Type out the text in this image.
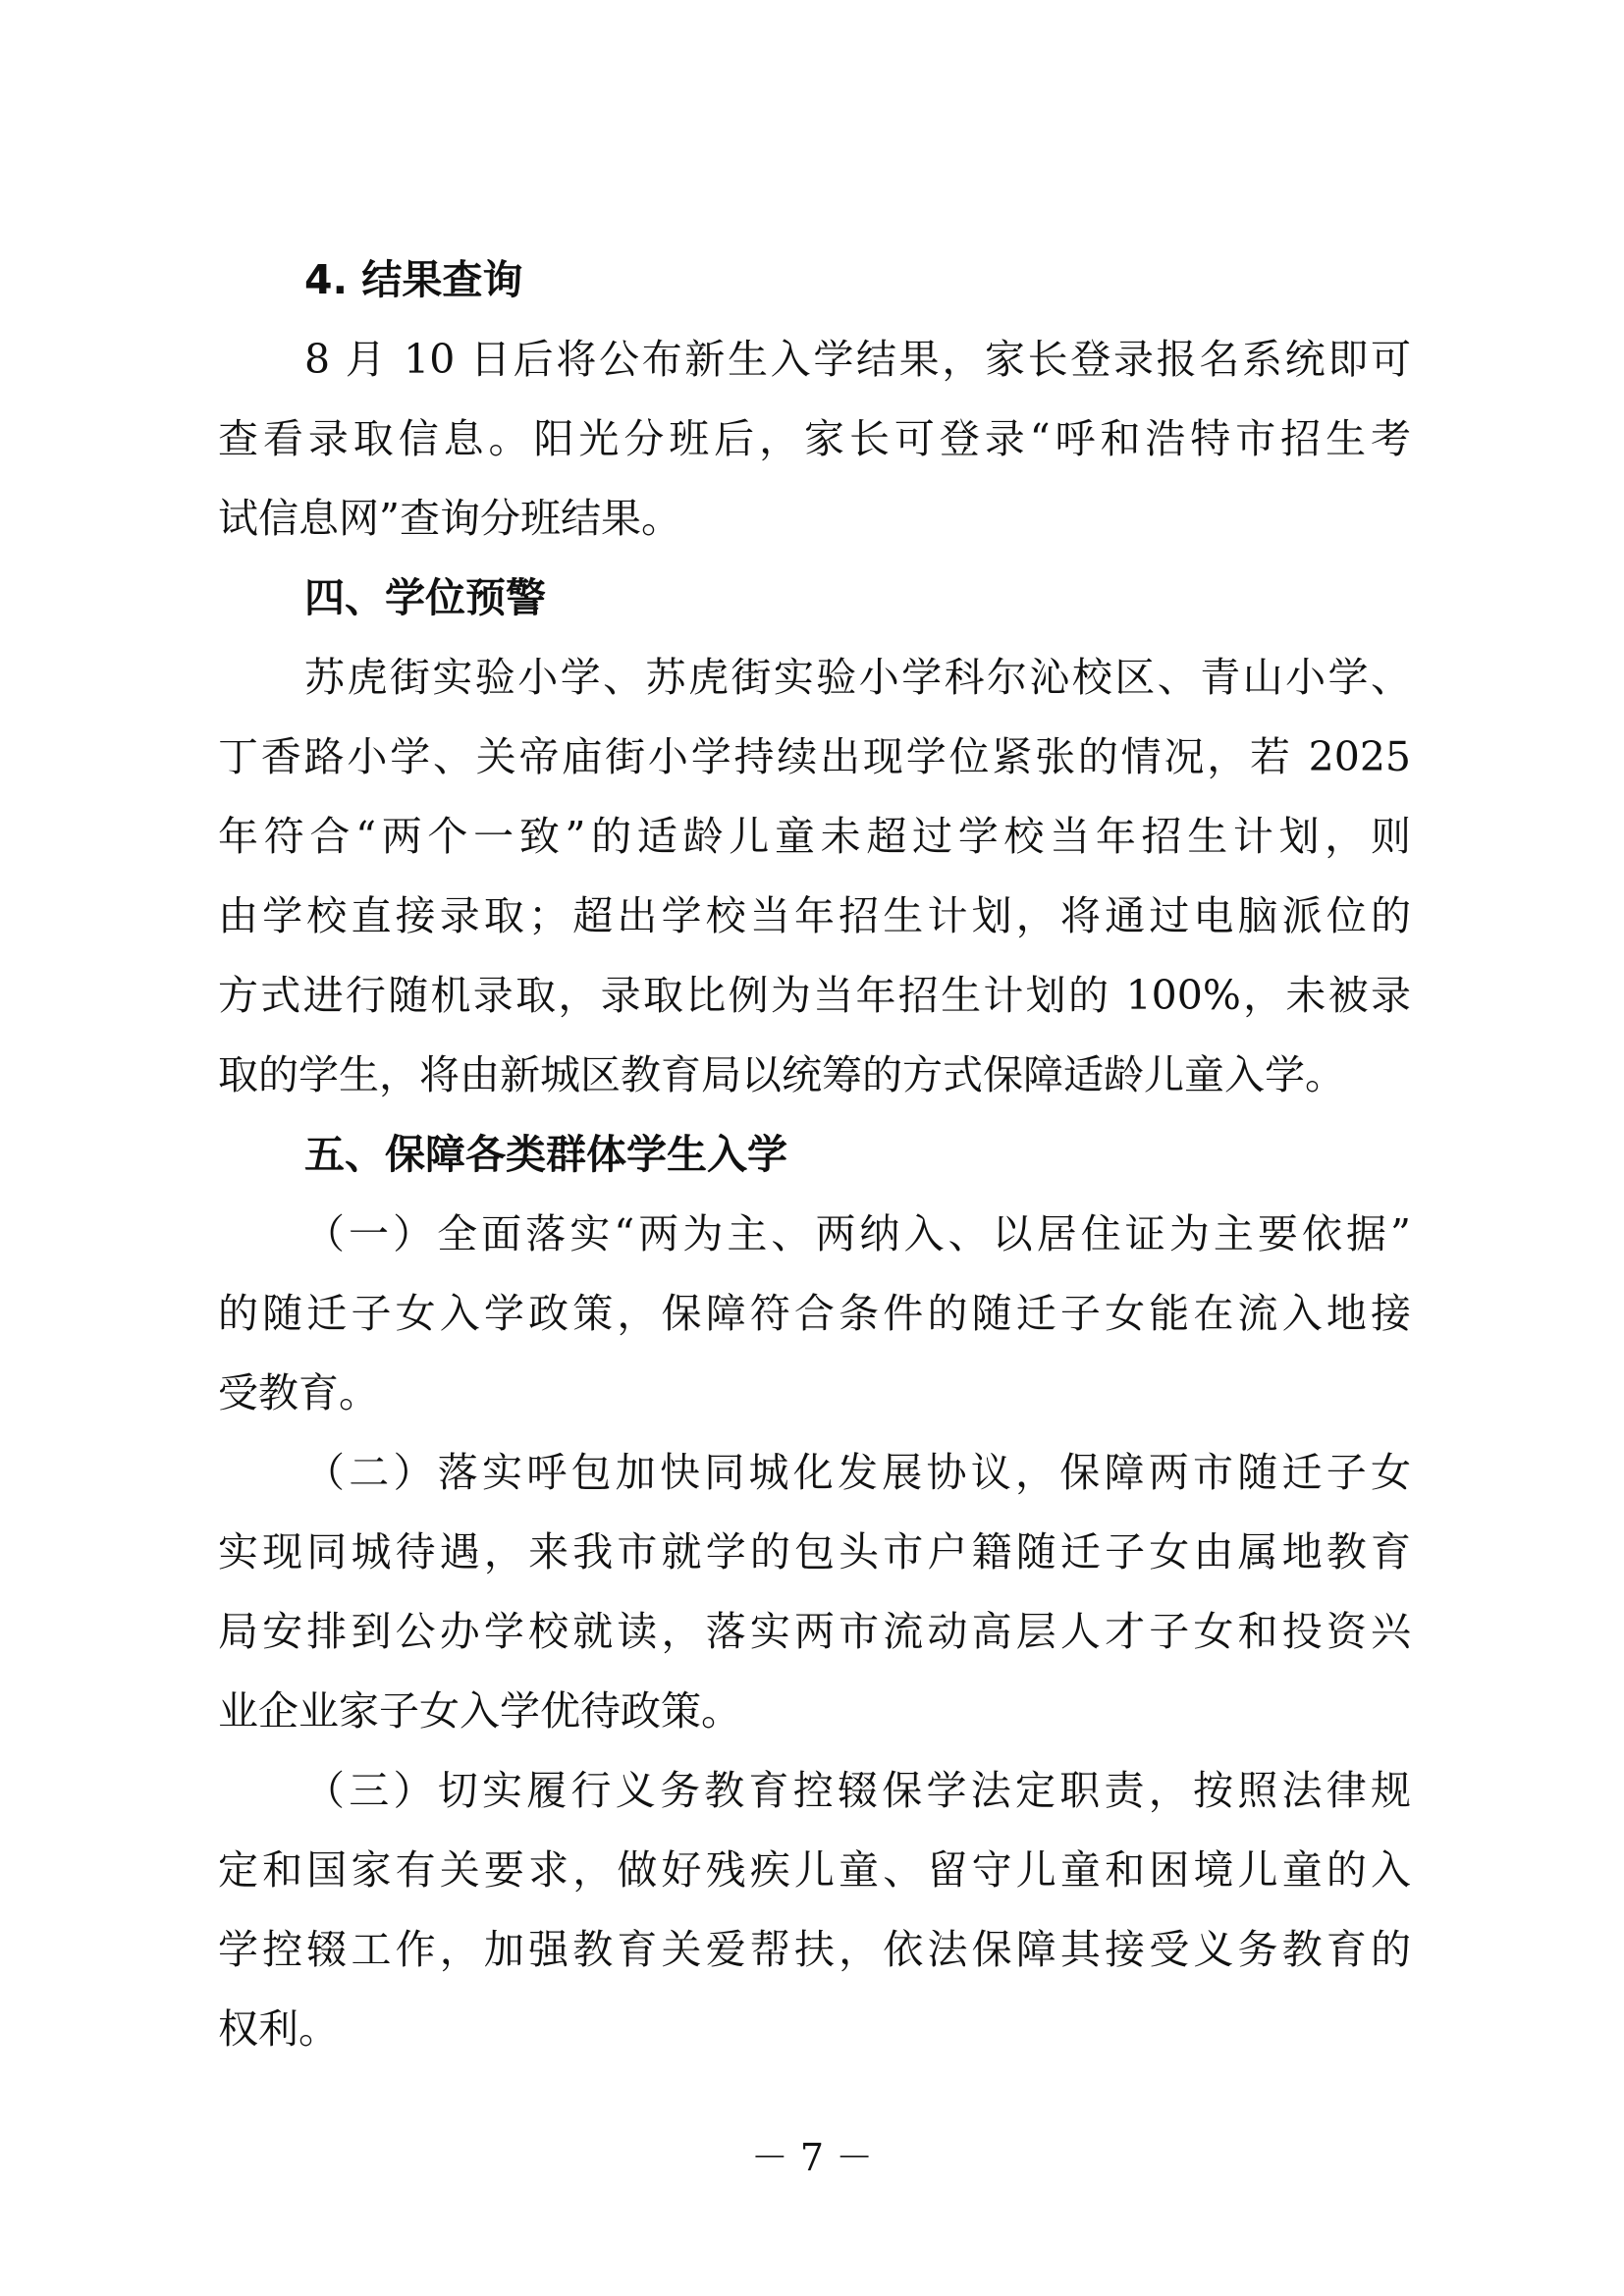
4. 结果查询
8 月 10 日后将公布新生入学结果，家长登录报名系统即可
查看录取信息。阳光分班后，家长可登录“呼和浩特市招生考
试信息网”查询分班结果。
四、学位预警
苏虎街实验小学、苏虎街实验小学科尔沁校区、青山小学、
丁香路小学、关帝庙街小学持续出现学位紧张的情况，若 2025
年符合“两个一致”的适龄儿童未超过学校当年招生计划，则
由学校直接录取；超出学校当年招生计划，将通过电脑派位的
方式进行随机录取，录取比例为当年招生计划的 100%，未被录
取的学生，将由新城区教育局以统筹的方式保障适龄儿童入学。
五、保障各类群体学生入学
（一）全面落实“两为主、两纳入、以居住证为主要依据”
的随迁子女入学政策，保障符合条件的随迁子女能在流入地接
受教育。
（二）落实呼包加快同城化发展协议，保障两市随迁子女
实现同城待遇，来我市就学的包头市户籍随迁子女由属地教育
局安排到公办学校就读，落实两市流动高层人才子女和投资兴
业企业家子女入学优待政策。
（三）切实履行义务教育控辍保学法定职责，按照法律规
定和国家有关要求，做好残疾儿童、留守儿童和困境儿童的入
学控辍工作，加强教育关爱帮扶，依法保障其接受义务教育的
权利。
－ 7 －
